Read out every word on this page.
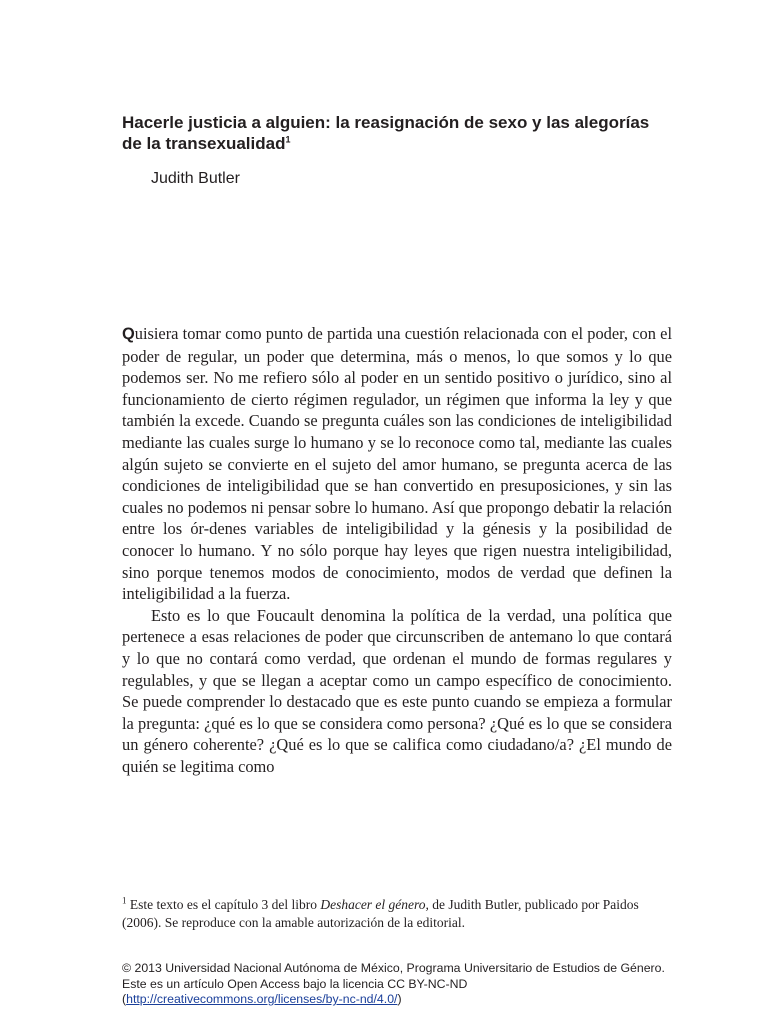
Hacerle justicia a alguien: la reasignación de sexo y las alegorías de la transexualidad$^1$

Judith Butler

Quisiera tomar como punto de partida una cuestión relacionada con el poder, con el poder de regular, un poder que determina, más o menos, lo que somos y lo que podemos ser. No me refiero sólo al poder en un sentido positivo o jurídico, sino al funcionamiento de cierto régimen regulador, un régimen que informa la ley y que también la excede. Cuando se pregunta cuáles son las condiciones de inteligibilidad mediante las cuales surge lo humano y se lo reconoce como tal, mediante las cuales algún sujeto se convierte en el sujeto del amor humano, se pregunta acerca de las condiciones de inteligibilidad que se han convertido en presuposiciones, y sin las cuales no podemos ni pensar sobre lo humano. Así que propongo debatir la relación entre los ór-denes variables de inteligibilidad y la génesis y la posibilidad de conocer lo humano. Y no sólo porque hay leyes que rigen nuestra inteligibilidad, sino porque tenemos modos de conocimiento, modos de verdad que definen la inteligibilidad a la fuerza.

Esto es lo que Foucault denomina la política de la verdad, una política que pertenece a esas relaciones de poder que circunscriben de antemano lo que contará y lo que no contará como verdad, que ordenan el mundo de formas regulares y regulables, y que se llegan a aceptar como un campo específico de conocimiento. Se puede comprender lo destacado que es este punto cuando se empieza a formular la pregunta: ¿qué es lo que se considera como persona? ¿Qué es lo que se considera un género coherente? ¿Qué es lo que se califica como ciudadano/a? ¿El mundo de quién se legitima como

$^1$ Este texto es el capítulo 3 del libro Deshacer el género, de Judith Butler, publicado por Paidos (2006). Se reproduce con la amable autorización de la editorial.

© 2013 Universidad Nacional Autónoma de México, Programa Universitario de Estudios de Género.
Este es un artículo Open Access bajo la licencia CC BY-NC-ND
(http://creativecommons.org/licenses/by-nc-nd/4.0/)
